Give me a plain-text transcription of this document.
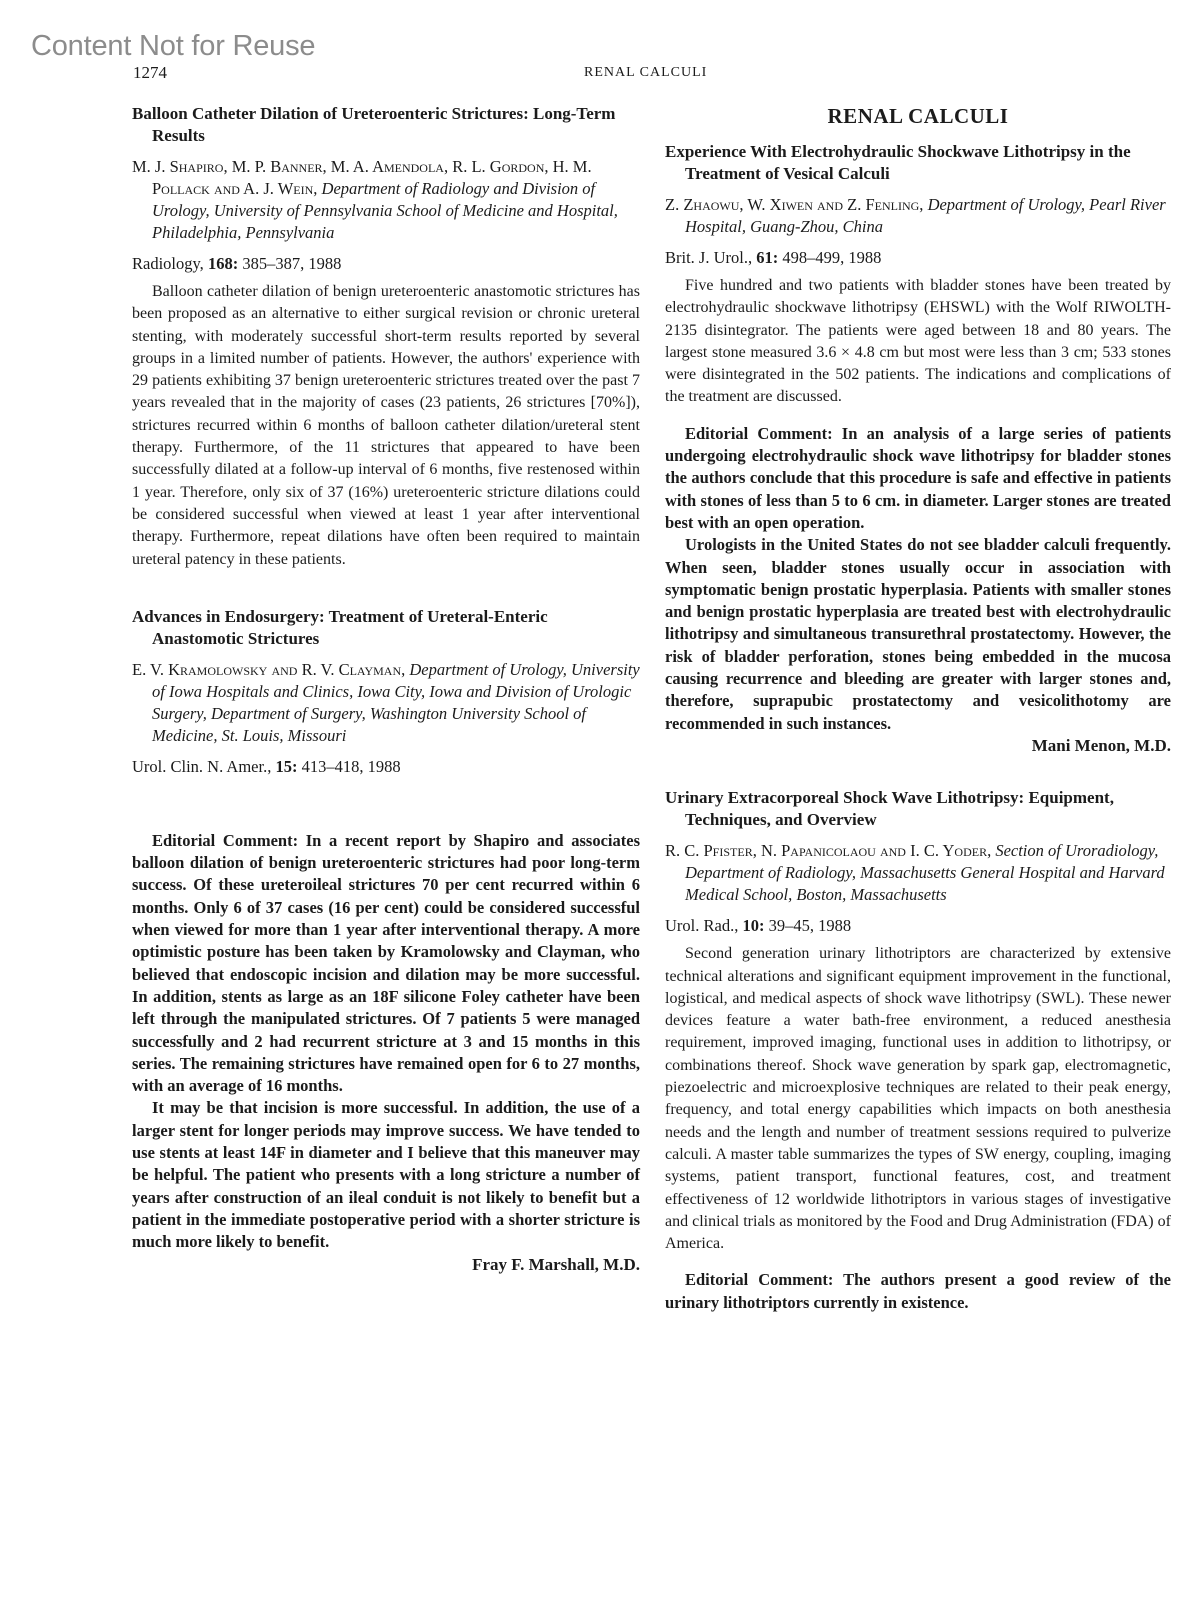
Content Not for Reuse
1274	RENAL CALCULI

Balloon Catheter Dilation of Ureteroenteric Strictures: Long-Term Results

M. J. Shapiro, M. P. Banner, M. A. Amendola, R. L. Gordon, H. M. Pollack and A. J. Wein, Department of Radiology and Division of Urology, University of Pennsylvania School of Medicine and Hospital, Philadelphia, Pennsylvania

Radiology, 168: 385–387, 1988

Balloon catheter dilation of benign ureteroenteric anastomotic strictures has been proposed as an alternative to either surgical revision or chronic ureteral stenting, with moderately successful short-term results reported by several groups in a limited number of patients. However, the authors' experience with 29 patients exhibiting 37 benign ureteroenteric strictures treated over the past 7 years revealed that in the majority of cases (23 patients, 26 strictures [70%]), strictures recurred within 6 months of balloon catheter dilation/ureteral stent therapy. Furthermore, of the 11 strictures that appeared to have been successfully dilated at a follow-up interval of 6 months, five restenosed within 1 year. Therefore, only six of 37 (16%) ureteroenteric stricture dilations could be considered successful when viewed at least 1 year after interventional therapy. Furthermore, repeat dilations have often been required to maintain ureteral patency in these patients.

Advances in Endosurgery: Treatment of Ureteral-Enteric Anastomotic Strictures

E. V. Kramolowsky and R. V. Clayman, Department of Urology, University of Iowa Hospitals and Clinics, Iowa City, Iowa and Division of Urologic Surgery, Department of Surgery, Washington University School of Medicine, St. Louis, Missouri

Urol. Clin. N. Amer., 15: 413–418, 1988

Editorial Comment: In a recent report by Shapiro and associates balloon dilation of benign ureteroenteric strictures had poor long-term success. Of these ureteroileal strictures 70 per cent recurred within 6 months. Only 6 of 37 cases (16 per cent) could be considered successful when viewed for more than 1 year after interventional therapy. A more optimistic posture has been taken by Kramolowsky and Clayman, who believed that endoscopic incision and dilation may be more successful. In addition, stents as large as an 18F silicone Foley catheter have been left through the manipulated strictures. Of 7 patients 5 were managed successfully and 2 had recurrent stricture at 3 and 15 months in this series. The remaining strictures have remained open for 6 to 27 months, with an average of 16 months.

It may be that incision is more successful. In addition, the use of a larger stent for longer periods may improve success. We have tended to use stents at least 14F in diameter and I believe that this maneuver may be helpful. The patient who presents with a long stricture a number of years after construction of an ileal conduit is not likely to benefit but a patient in the immediate postoperative period with a shorter stricture is much more likely to benefit.

Fray F. Marshall, M.D.

RENAL CALCULI

Experience With Electrohydraulic Shockwave Lithotripsy in the Treatment of Vesical Calculi

Z. Zhaowu, W. Xiwen and Z. Fenling, Department of Urology, Pearl River Hospital, Guang-Zhou, China

Brit. J. Urol., 61: 498–499, 1988

Five hundred and two patients with bladder stones have been treated by electrohydraulic shockwave lithotripsy (EHSWL) with the Wolf RIWOLTH-2135 disintegrator. The patients were aged between 18 and 80 years. The largest stone measured 3.6 × 4.8 cm but most were less than 3 cm; 533 stones were disintegrated in the 502 patients. The indications and complications of the treatment are discussed.

Editorial Comment: In an analysis of a large series of patients undergoing electrohydraulic shock wave lithotripsy for bladder stones the authors conclude that this procedure is safe and effective in patients with stones of less than 5 to 6 cm. in diameter. Larger stones are treated best with an open operation.

Urologists in the United States do not see bladder calculi frequently. When seen, bladder stones usually occur in association with symptomatic benign prostatic hyperplasia. Patients with smaller stones and benign prostatic hyperplasia are treated best with electrohydraulic lithotripsy and simultaneous transurethral prostatectomy. However, the risk of bladder perforation, stones being embedded in the mucosa causing recurrence and bleeding are greater with larger stones and, therefore, suprapubic prostatectomy and vesicolithotomy are recommended in such instances.

Mani Menon, M.D.

Urinary Extracorporeal Shock Wave Lithotripsy: Equipment, Techniques, and Overview

R. C. Pfister, N. Papanicolaou and I. C. Yoder, Section of Uroradiology, Department of Radiology, Massachusetts General Hospital and Harvard Medical School, Boston, Massachusetts

Urol. Rad., 10: 39–45, 1988

Second generation urinary lithotriptors are characterized by extensive technical alterations and significant equipment improvement in the functional, logistical, and medical aspects of shock wave lithotripsy (SWL). These newer devices feature a water bath-free environment, a reduced anesthesia requirement, improved imaging, functional uses in addition to lithotripsy, or combinations thereof. Shock wave generation by spark gap, electromagnetic, piezoelectric and microexplosive techniques are related to their peak energy, frequency, and total energy capabilities which impacts on both anesthesia needs and the length and number of treatment sessions required to pulverize calculi. A master table summarizes the types of SW energy, coupling, imaging systems, patient transport, functional features, cost, and treatment effectiveness of 12 worldwide lithotriptors in various stages of investigative and clinical trials as monitored by the Food and Drug Administration (FDA) of America.

Editorial Comment: The authors present a good review of the urinary lithotriptors currently in existence.
